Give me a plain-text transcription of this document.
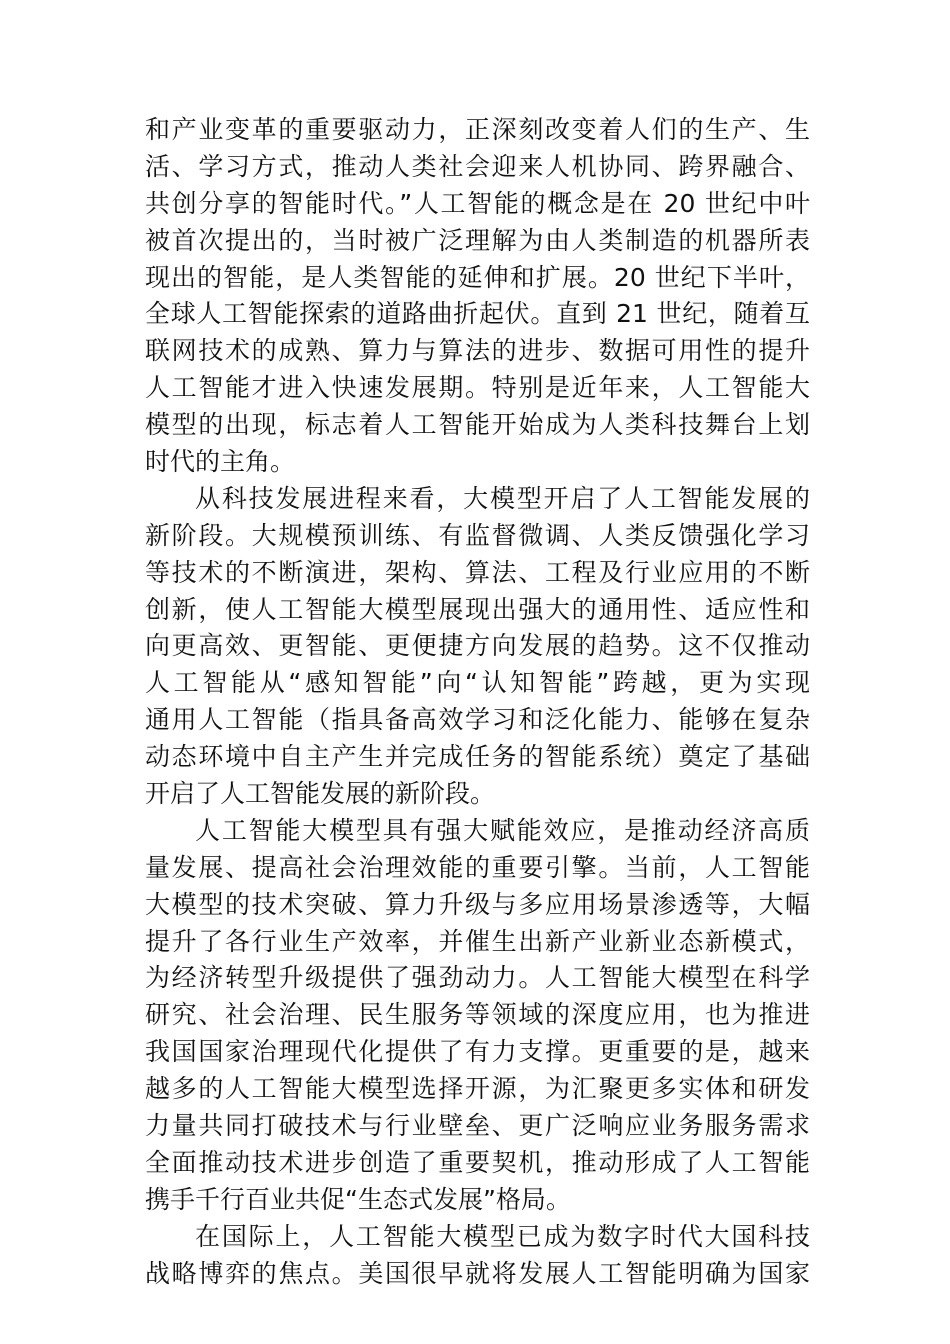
和产业变革的重要驱动力，正深刻改变着人们的生产、生
活、学习方式，推动人类社会迎来人机协同、跨界融合、
共创分享的智能时代。”人工智能的概念是在 20 世纪中叶
被首次提出的，当时被广泛理解为由人类制造的机器所表
现出的智能，是人类智能的延伸和扩展。20 世纪下半叶，
全球人工智能探索的道路曲折起伏。直到 21 世纪，随着互
联网技术的成熟、算力与算法的进步、数据可用性的提升
人工智能才进入快速发展期。特别是近年来，人工智能大
模型的出现，标志着人工智能开始成为人类科技舞台上划
时代的主角。
从科技发展进程来看，大模型开启了人工智能发展的
新阶段。大规模预训练、有监督微调、人类反馈强化学习
等技术的不断演进，架构、算法、工程及行业应用的不断
创新，使人工智能大模型展现出强大的通用性、适应性和
向更高效、更智能、更便捷方向发展的趋势。这不仅推动
人工智能从“感知智能”向“认知智能”跨越，更为实现
通用人工智能（指具备高效学习和泛化能力、能够在复杂
动态环境中自主产生并完成任务的智能系统）奠定了基础
开启了人工智能发展的新阶段。
人工智能大模型具有强大赋能效应，是推动经济高质
量发展、提高社会治理效能的重要引擎。当前，人工智能
大模型的技术突破、算力升级与多应用场景渗透等，大幅
提升了各行业生产效率，并催生出新产业新业态新模式，
为经济转型升级提供了强劲动力。人工智能大模型在科学
研究、社会治理、民生服务等领域的深度应用，也为推进
我国国家治理现代化提供了有力支撑。更重要的是，越来
越多的人工智能大模型选择开源，为汇聚更多实体和研发
力量共同打破技术与行业壁垒、更广泛响应业务服务需求
全面推动技术进步创造了重要契机，推动形成了人工智能
携手千行百业共促“生态式发展”格局。
在国际上，人工智能大模型已成为数字时代大国科技
战略博弈的焦点。美国很早就将发展人工智能明确为国家
